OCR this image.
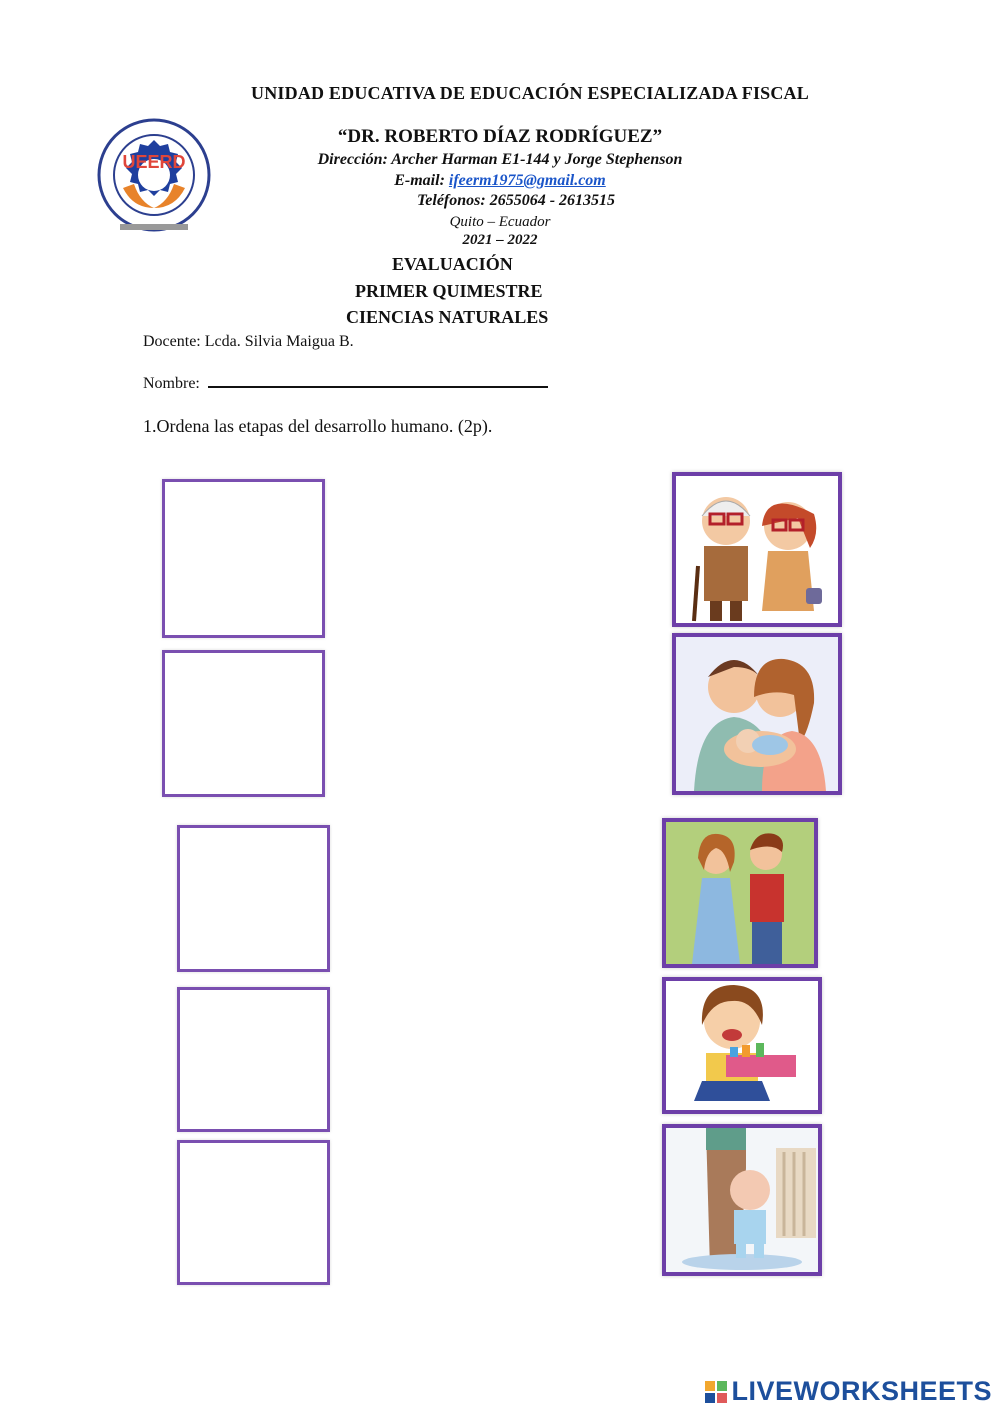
UNIDAD EDUCATIVA DE EDUCACIÓN ESPECIALIZADA FISCAL
UEERD
“DR. ROBERTO DÍAZ RODRÍGUEZ”
Dirección: Archer Harman E1-144 y Jorge Stephenson
E-mail: ifeerm1975@gmail.com
Teléfonos: 2655064 - 2613515
Quito – Ecuador
2021 – 2022
EVALUACIÓN
PRIMER QUIMESTRE
CIENCIAS NATURALES
Docente: Lcda. Silvia Maigua B.
Nombre:
1.Ordena las etapas del desarrollo humano. (2p).
LIVEWORKSHEETS
